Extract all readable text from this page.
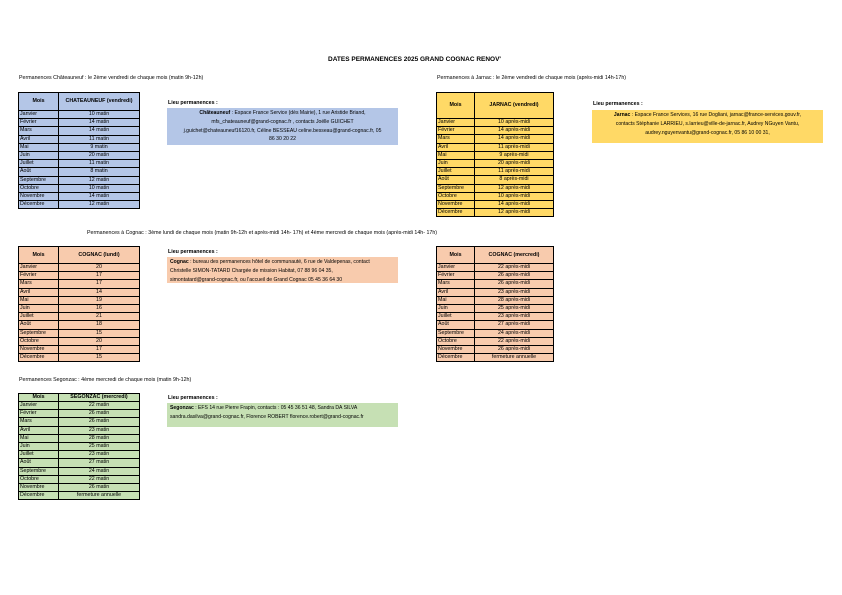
DATES PERMANENCES 2025 GRAND COGNAC RENOV'
Permanences Châteauneuf : le 2ème vendredi de chaque mois (matin 9h-12h)
Mois	CHATEAUNEUF (vendredi)
Janvier	10 matin
Février	14 matin
Mars	14 matin
Avril	11 matin
Mai	9 matin
Juin	20 matin
Juillet	11 matin
Août	8 matin
Septembre	12 matin
Octobre	10 matin
Novembre	14 matin
Décembre	12 matin
Lieu permanences :
Châteauneuf : Espace France Service (dès Mairie), 1 rue Aristide Briand,
mfs_chateauneuf@grand-cognac.fr , contacts Joëlle GUICHET
j.guichet@chateauneuf16120.fr, Céline BESSEAU celine.besseau@grand-cognac.fr, 05
86 30 20 22
Permanences à Jarnac : le 2ème vendredi de chaque mois (après-midi 14h-17h)
Mois	JARNAC (vendredi)
Janvier	10 après-midi
Février	14 après-midi
Mars	14 après-midi
Avril	11 après-midi
Mai	9 après-midi
Juin	20 après-midi
Juillet	11 après-midi
Août	8 après-midi
Septembre	12 après-midi
Octobre	10 après-midi
Novembre	14 après-midi
Décembre	12 après-midi
Lieu permanences :
Jarnac : Espace France Services, 16 rue Dogliani, jarnac@france-services.gouv.fr,
contacts Stéphanie LARRIEU, s.larrieu@ville-de-jarnac.fr, Audrey NGuyen Vantu,
audrey.nguyenvantu@grand-cognac.fr, 05 86 10 00 31,
Permanences à Cognac : 3ème lundi de chaque mois (matin 9h-12h et après-midi 14h- 17h) et 4ème mercredi de chaque mois (après-midi 14h- 17h)
Mois	COGNAC (lundi)
Janvier	20
Février	17
Mars	17
Avril	14
Mai	19
Juin	16
Juillet	21
Août	18
Septembre	15
Octobre	20
Novembre	17
Décembre	15
Lieu permanences :
Cognac : bureau des permanences hôtel de communauté, 6 rue de Valdepenas, contact
Christelle SIMON-TATARD Chargée de mission Habitat, 07 88 96 04 35,
simontatard@grand-cognac.fr, ou l'accueil de Grand Cognac 05 45 36 64 30
Mois	COGNAC (mercredi)
Janvier	22 après-midi
Février	26 après-midi
Mars	26 après-midi
Avril	23 après-midi
Mai	28 après-midi
Juin	25 après-midi
Juillet	23 après-midi
Août	27 après-midi
Septembre	24 après-midi
Octobre	22 après-midi
Novembre	26 après-midi
Décembre	fermeture annuelle
Permanences Segonzac : 4ème mercredi de chaque mois (matin 9h-12h)
Mois	SEGONZAC (mercredi)
Janvier	22 matin
Février	26 matin
Mars	26 matin
Avril	23 matin
Mai	28 matin
Juin	25 matin
Juillet	23 matin
Août	27 matin
Septembre	24 matin
Octobre	22 matin
Novembre	26 matin
Décembre	fermeture annuelle
Lieu permanences :
Segonzac : EFS 14 rue Pierre Frapin, contacts : 05 45 36 51 48, Sandra DA SILVA
sandra.dasilva@grand-cognac.fr, Florence ROBERT florence.robert@grand-cognac.fr
